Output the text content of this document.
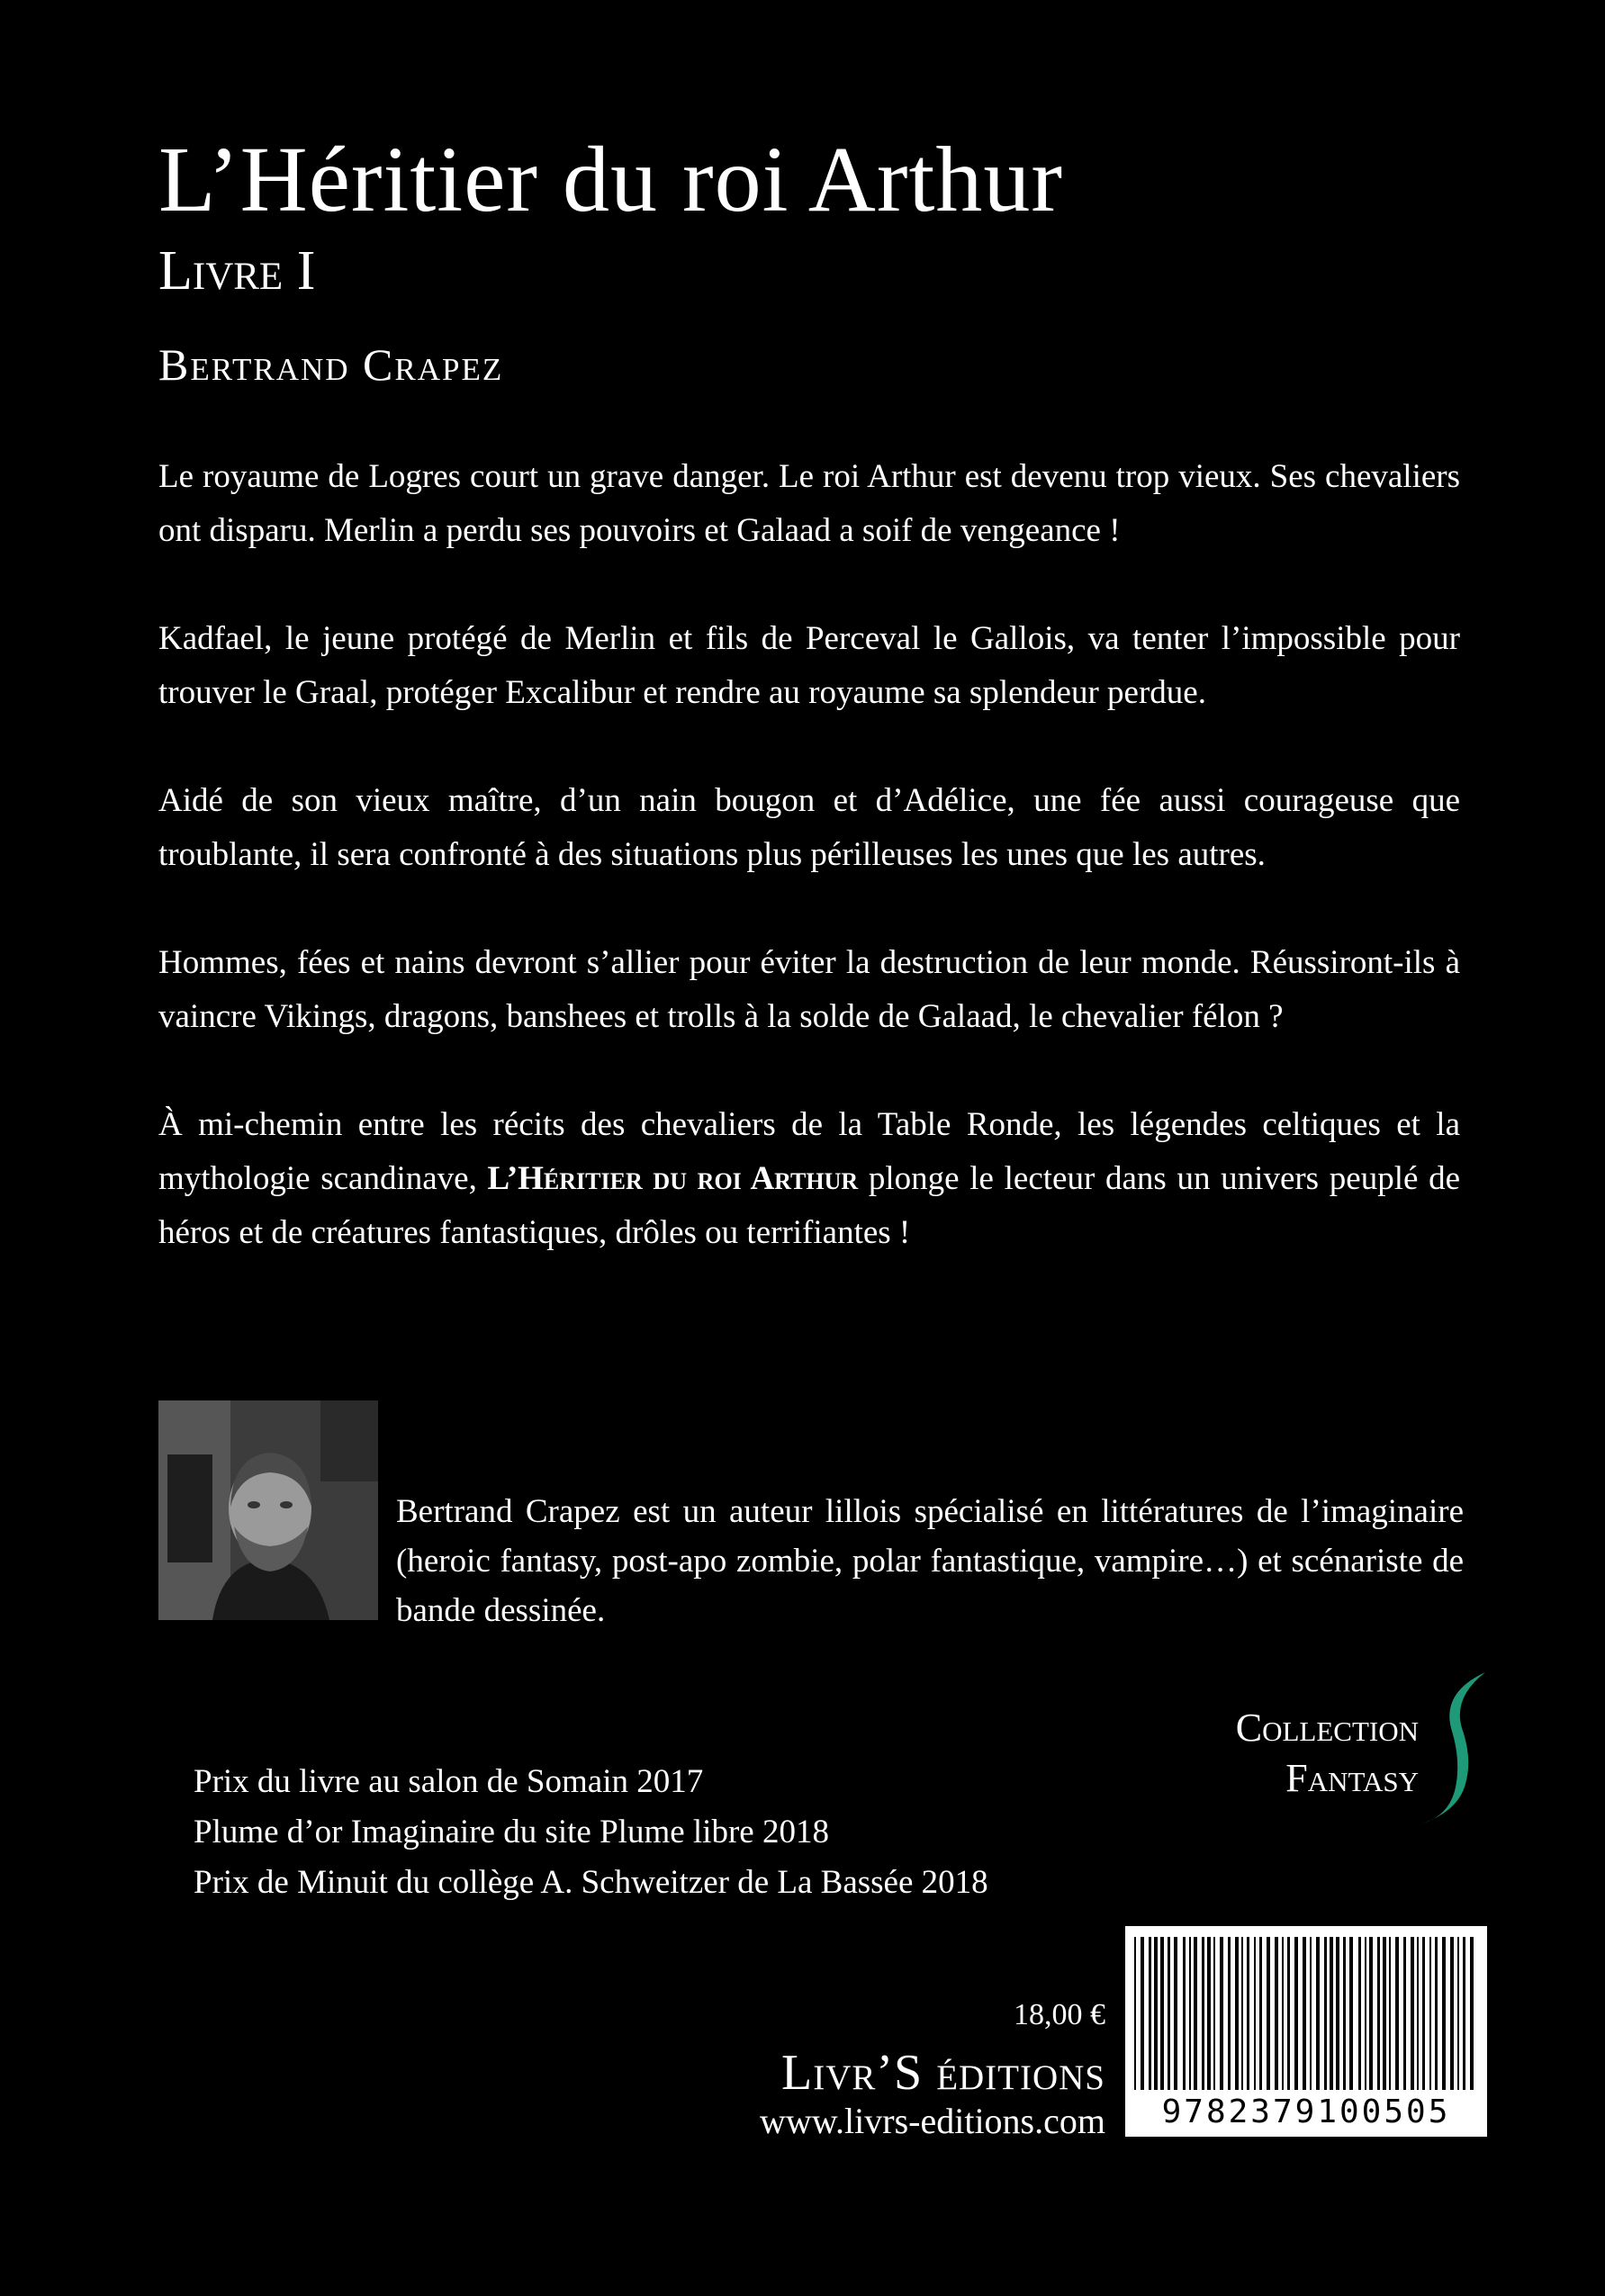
L’Héritier du roi Arthur
Livre I
Bertrand Crapez

Le royaume de Logres court un grave danger. Le roi Arthur est devenu trop vieux. Ses chevaliers ont disparu. Merlin a perdu ses pouvoirs et Galaad a soif de vengeance !

Kadfael, le jeune protégé de Merlin et fils de Perceval le Gallois, va tenter l’impossible pour trouver le Graal, protéger Excalibur et rendre au royaume sa splendeur perdue.

Aidé de son vieux maître, d’un nain bougon et d’Adélice, une fée aussi courageuse que troublante, il sera confronté à des situations plus périlleuses les unes que les autres.

Hommes, fées et nains devront s’allier pour éviter la destruction de leur monde. Réussiront-ils à vaincre Vikings, dragons, banshees et trolls à la solde de Galaad, le chevalier félon ?

À mi-chemin entre les récits des chevaliers de la Table Ronde, les légendes celtiques et la mythologie scandinave, L’Héritier du roi Arthur plonge le lecteur dans un univers peuplé de héros et de créatures fantastiques, drôles ou terrifiantes !

Bertrand Crapez est un auteur lillois spécialisé en littératures de l’imaginaire (heroic fantasy, post-apo zombie, polar fantastique, vampire…) et scénariste de bande dessinée.
Collection
Fantasy
Prix du livre au salon de Somain 2017
Plume d’or Imaginaire du site Plume libre 2018
Prix de Minuit du collège A. Schweitzer de La Bassée 2018
18,00 €
Livr’S éditions
www.livrs-editions.com	9782379100505
